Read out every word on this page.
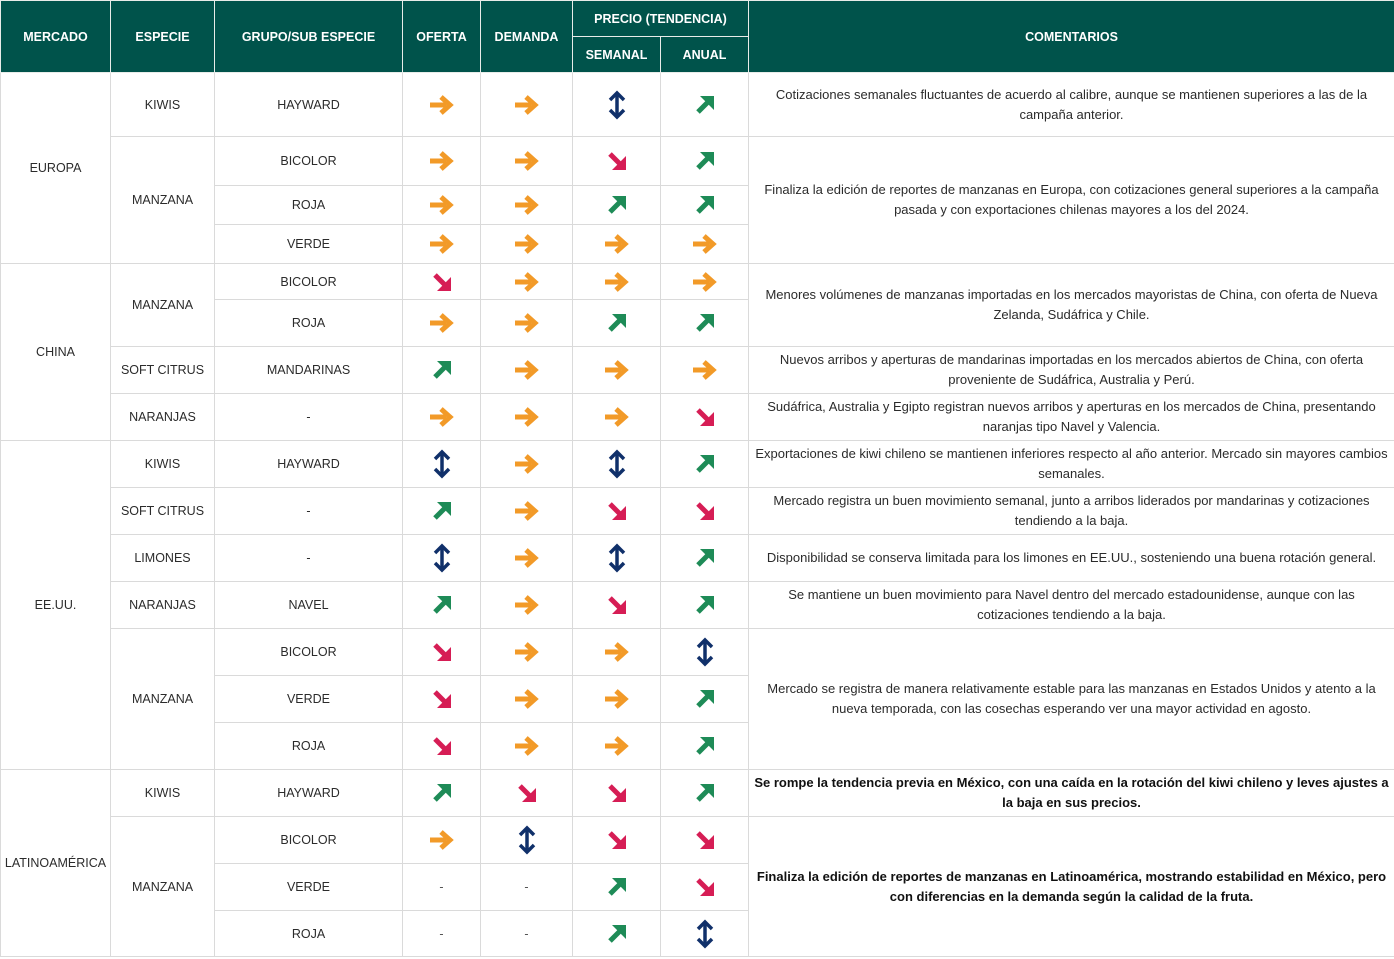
MERCADO	ESPECIE	GRUPO/SUB ESPECIE	OFERTA	DEMANDA	PRECIO (TENDENCIA)		COMENTARIOS
					SEMANAL	ANUAL	
EUROPA	KIWIS	HAYWARD					Cotizaciones semanales fluctuantes de acuerdo al calibre, aunque se mantienen superiores a las de la campaña anterior.
	MANZANA	BICOLOR					Finaliza la edición de reportes de manzanas en Europa, con cotizaciones general superiores a la campaña pasada y con exportaciones chilenas mayores a los del 2024.
		ROJA	

		VERDE	

CHINA	MANZANA	BICOLOR					Menores volúmenes de manzanas importadas en los mercados mayoristas de China, con oferta de Nueva Zelanda, Sudáfrica y Chile.
		ROJA	

	SOFT CITRUS	MANDARINAS					Nuevos arribos y aperturas de mandarinas importadas en los mercados abiertos de China, con oferta proveniente de Sudáfrica, Australia y Perú.
	NARANJAS	-					Sudáfrica, Australia y Egipto registran nuevos arribos y aperturas en los mercados de China, presentando naranjas tipo Navel y Valencia.
EE.UU.	KIWIS	HAYWARD					Exportaciones de kiwi chileno se mantienen inferiores respecto al año anterior. Mercado sin mayores cambios semanales.
	SOFT CITRUS	-					Mercado registra un buen movimiento semanal, junto a arribos liderados por mandarinas y cotizaciones tendiendo a la baja.
	LIMONES	-					Disponibilidad se conserva limitada para los limones en EE.UU., sosteniendo una buena rotación general.
	NARANJAS	NAVEL					Se mantiene un buen movimiento para Navel dentro del mercado estadounidense, aunque con las cotizaciones tendiendo a la baja.
	MANZANA	BICOLOR					Mercado se registra de manera relativamente estable para las manzanas en Estados Unidos y atento a la nueva temporada, con las cosechas esperando ver una mayor actividad en agosto.
		VERDE	

		ROJA	

LATINOAMÉRICA	KIWIS	HAYWARD					Se rompe la tendencia previa en México, con una caída en la rotación del kiwi chileno y leves ajustes a la baja en sus precios.
	MANZANA	BICOLOR					Finaliza la edición de reportes de manzanas en Latinoamérica, mostrando estabilidad en México, pero con diferencias en la demanda según la calidad de la fruta.
		VERDE	-	-	

		ROJA	-	-	
